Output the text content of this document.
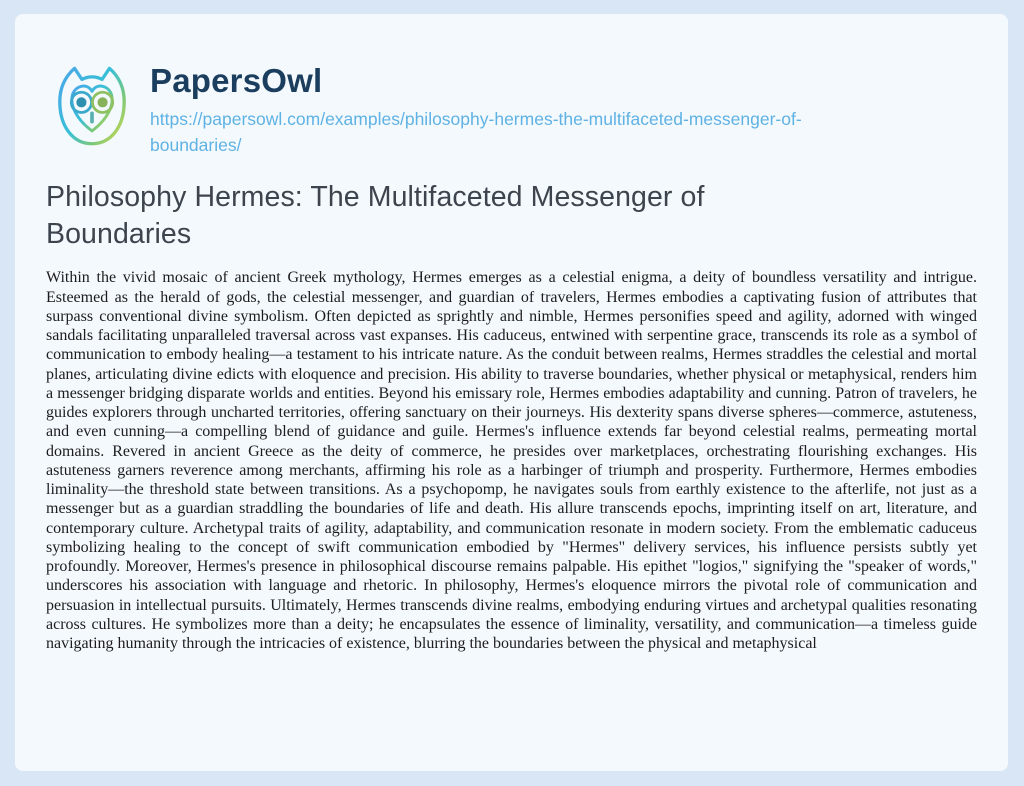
PapersOwl
https://papersowl.com/examples/philosophy-hermes-the-multifaceted-messenger-of-boundaries/
Philosophy Hermes: The Multifaceted Messenger of Boundaries

Within the vivid mosaic of ancient Greek mythology, Hermes emerges as a celestial enigma, a deity of boundless versatility and intrigue. Esteemed as the herald of gods, the celestial messenger, and guardian of travelers, Hermes embodies a captivating fusion of attributes that surpass conventional divine symbolism. Often depicted as sprightly and nimble, Hermes personifies speed and agility, adorned with winged sandals facilitating unparalleled traversal across vast expanses. His caduceus, entwined with serpentine grace, transcends its role as a symbol of communication to embody healing—a testament to his intricate nature. As the conduit between realms, Hermes straddles the celestial and mortal planes, articulating divine edicts with eloquence and precision. His ability to traverse boundaries, whether physical or metaphysical, renders him a messenger bridging disparate worlds and entities. Beyond his emissary role, Hermes embodies adaptability and cunning. Patron of travelers, he guides explorers through uncharted territories, offering sanctuary on their journeys. His dexterity spans diverse spheres—commerce, astuteness, and even cunning—a compelling blend of guidance and guile. Hermes's influence extends far beyond celestial realms, permeating mortal domains. Revered in ancient Greece as the deity of commerce, he presides over marketplaces, orchestrating flourishing exchanges. His astuteness garners reverence among merchants, affirming his role as a harbinger of triumph and prosperity. Furthermore, Hermes embodies liminality—the threshold state between transitions. As a psychopomp, he navigates souls from earthly existence to the afterlife, not just as a messenger but as a guardian straddling the boundaries of life and death. His allure transcends epochs, imprinting itself on art, literature, and contemporary culture. Archetypal traits of agility, adaptability, and communication resonate in modern society. From the emblematic caduceus symbolizing healing to the concept of swift communication embodied by "Hermes" delivery services, his influence persists subtly yet profoundly. Moreover, Hermes's presence in philosophical discourse remains palpable. His epithet "logios," signifying the "speaker of words," underscores his association with language and rhetoric. In philosophy, Hermes's eloquence mirrors the pivotal role of communication and persuasion in intellectual pursuits. Ultimately, Hermes transcends divine realms, embodying enduring virtues and archetypal qualities resonating across cultures. He symbolizes more than a deity; he encapsulates the essence of liminality, versatility, and communication—a timeless guide navigating humanity through the intricacies of existence, blurring the boundaries between the physical and metaphysical
